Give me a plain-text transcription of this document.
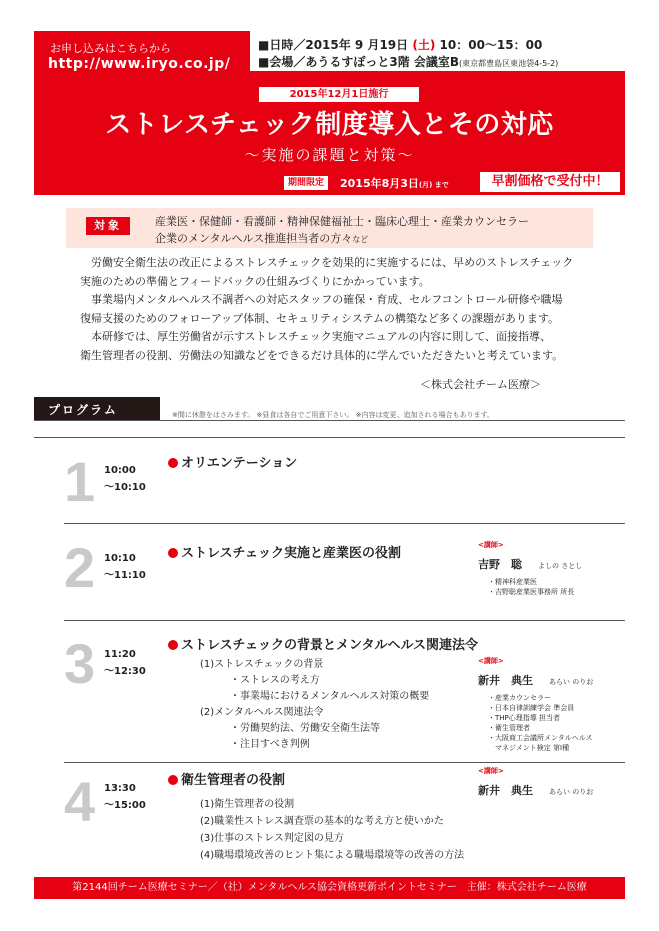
お申し込みはこちらから
http://www.iryo.co.jp/
■日時／2015年 9 月19日 (土) 10：00～15：00
■会場／あうるすぽっと3階 会議室B(東京都豊島区東池袋4-5-2)
2015年12月1日施行
ストレスチェック制度導入とその対応
～実施の課題と対策～
期間限定	2015年8月3日(月) まで	早割価格で受付中！
対象	産業医・保健師・看護師・精神保健福祉士・臨床心理士・産業カウンセラー
企業のメンタルヘルス推進担当者の方々など

　労働安全衛生法の改正によるストレスチェックを効果的に実施するには、早めのストレスチェック

実施のための準備とフィードバックの仕組みづくりにかかっています。

　事業場内メンタルヘルス不調者への対応スタッフの確保・育成、セルフコントロール研修や職場

復帰支援のためのフォローアップ体制、セキュリティシステムの構築など多くの課題があります。

　本研修では、厚生労働省が示すストレスチェック実施マニュアルの内容に則して、面接指導、

衛生管理者の役割、労働法の知識などをできるだけ具体的に学んでいただきたいと考えています。

＜株式会社チーム医療＞
プログラム	※間に休憩をはさみます。 ※昼食は各自でご用意下さい。 ※内容は変更、追加される場合もあります。
1 10:00
～10:10
オリエンテーション
2 10:10
～11:10
ストレスチェック実施と産業医の役割
<講師>
吉野　聡　 よしの さとし
・精神科産業医
・吉野聡産業医事務所 所長
3 11:20
～12:30
ストレスチェックの背景とメンタルヘルス関連法令
(1)ストレスチェックの背景
・ストレスの考え方
・事業場におけるメンタルヘルス対策の概要
(2)メンタルヘルス関連法令
・労働契約法、労働安全衛生法等
・注目すべき判例
<講師>
新井　典生　 あらい のりお
・産業カウンセラー
・日本自律訓練学会 準会員
・THP心理指導 担当者
・衛生管理者
・大阪商工会議所メンタルヘルス
　マネジメント検定 第Ⅰ種
4 13:30
～15:00
衛生管理者の役割
(1)衛生管理者の役割
(2)職業性ストレス調査票の基本的な考え方と使いかた
(3)仕事のストレス判定図の見方
(4)職場環境改善のヒント集による職場環境等の改善の方法
<講師>
新井　典生　 あらい のりお
第2144回チーム医療セミナー／（社）メンタルヘルス協会資格更新ポイントセミナー　主催：株式会社チーム医療
